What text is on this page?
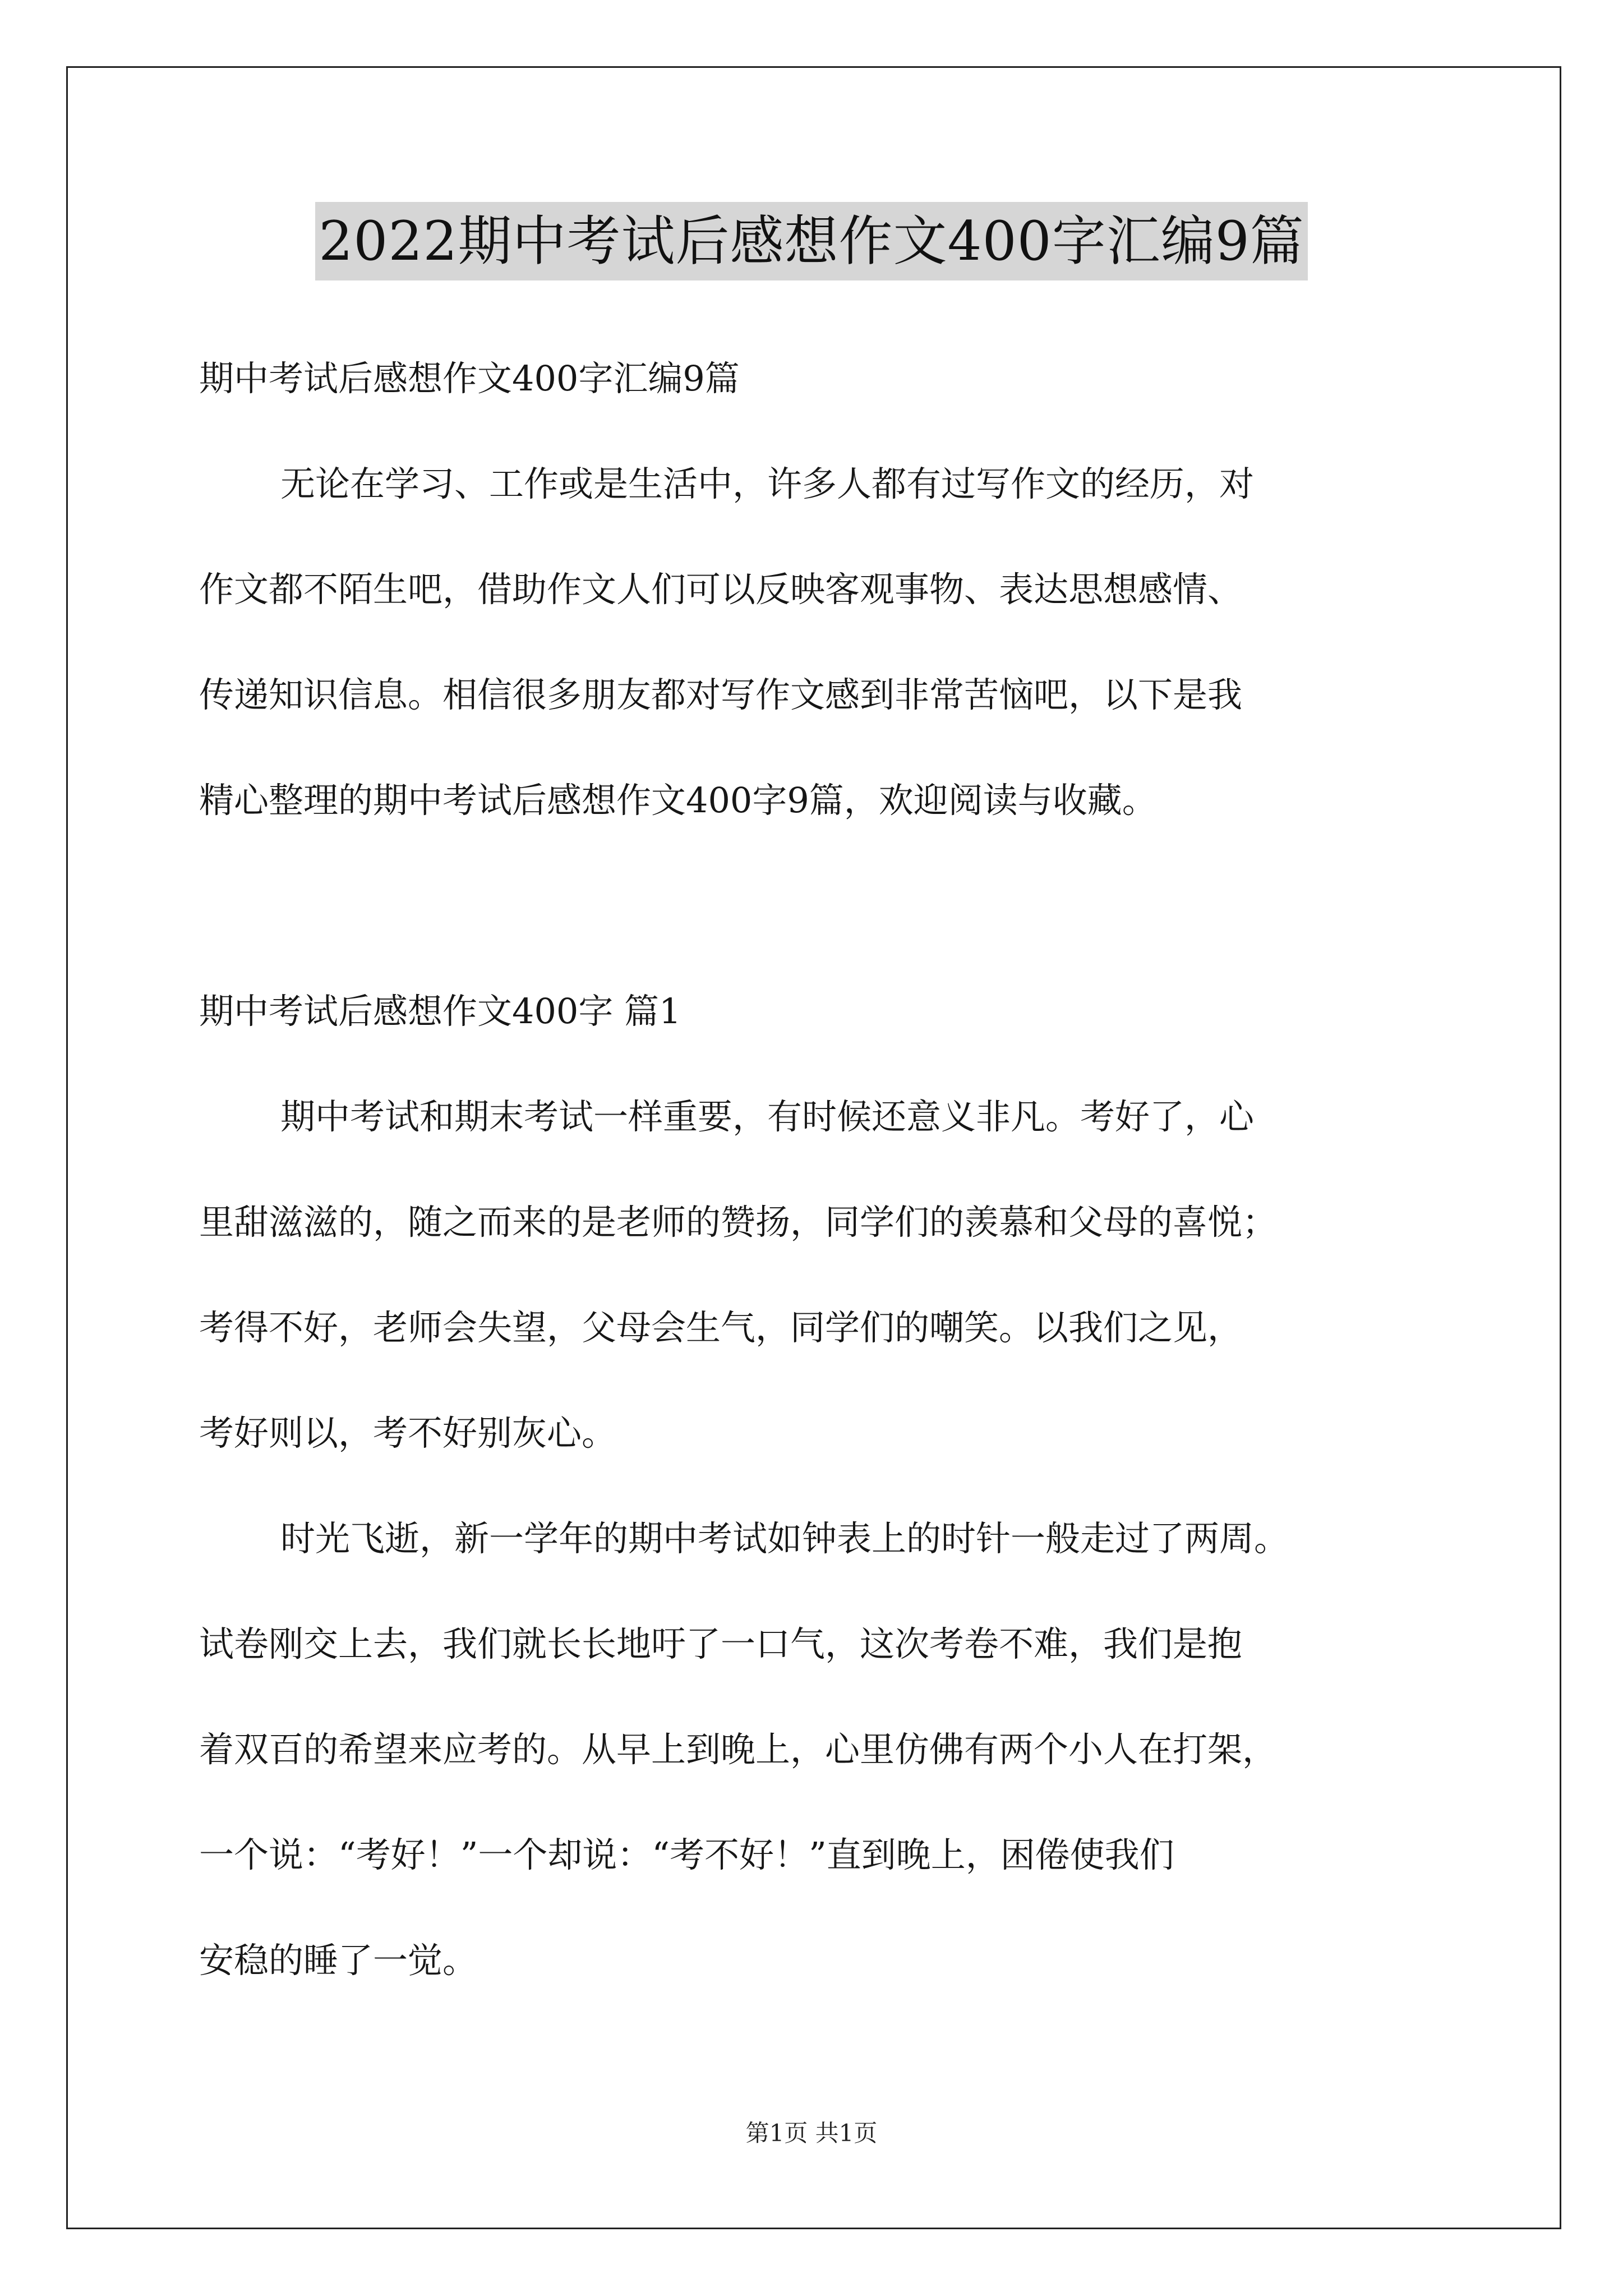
2022期中考试后感想作文400字汇编9篇
期中考试后感想作文400字汇编9篇
无论在学习、工作或是生活中，许多人都有过写作文的经历，对
作文都不陌生吧，借助作文人们可以反映客观事物、表达思想感情、
传递知识信息。相信很多朋友都对写作文感到非常苦恼吧，以下是我
精心整理的期中考试后感想作文400字9篇，欢迎阅读与收藏。
期中考试后感想作文400字 篇1
期中考试和期末考试一样重要，有时候还意义非凡。考好了，心
里甜滋滋的，随之而来的是老师的赞扬，同学们的羡慕和父母的喜悦；
考得不好，老师会失望，父母会生气，同学们的嘲笑。以我们之见，
考好则以，考不好别灰心。
时光飞逝，新一学年的期中考试如钟表上的时针一般走过了两周。
试卷刚交上去，我们就长长地吁了一口气，这次考卷不难，我们是抱
着双百的希望来应考的。从早上到晚上，心里仿佛有两个小人在打架，
一个说：“考好！”一个却说：“考不好！”直到晚上，困倦使我们
安稳的睡了一觉。
第1页 共1页
